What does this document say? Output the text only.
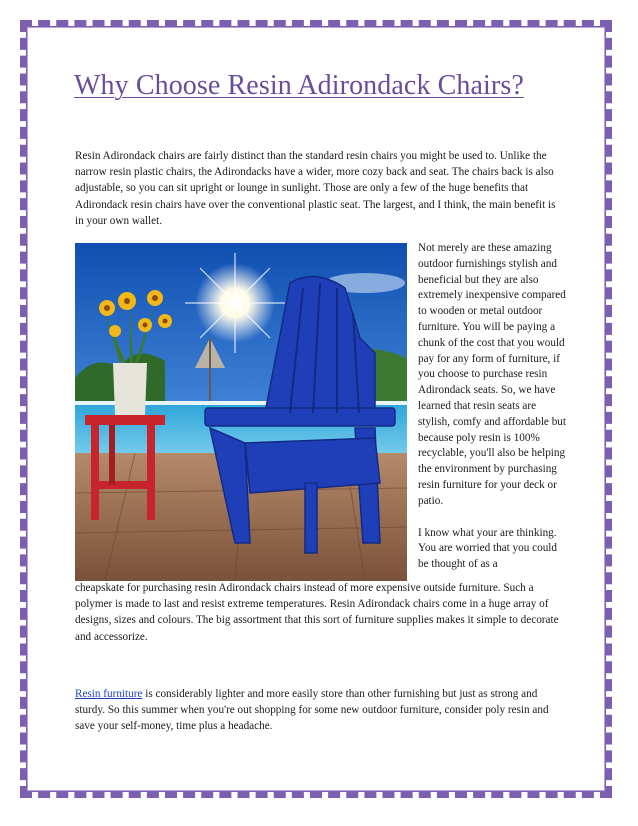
Why Choose Resin Adirondack Chairs?

Resin Adirondack chairs are fairly distinct than the standard resin chairs you might be used to. Unlike the narrow resin plastic chairs, the Adirondacks have a wider, more cozy back and seat. The chairs back is also adjustable, so you can sit upright or lounge in sunlight. Those are only a few of the huge benefits that Adirondack resin chairs have over the conventional plastic seat. The largest, and I think, the main benefit is in your own wallet.

Not merely are these amazing outdoor furnishings stylish and beneficial but they are also extremely inexpensive compared to wooden or metal outdoor furniture. You will be paying a chunk of the cost that you would pay for any form of furniture, if you choose to purchase resin Adirondack seats. So, we have learned that resin seats are stylish, comfy and affordable but because poly resin is 100% recyclable, you'll also be helping the environment by purchasing resin furniture for your deck or patio.

I know what your are thinking. You are worried that you could be thought of as a

cheapskate for purchasing resin Adirondack chairs instead of more expensive outside furniture. Such a polymer is made to last and resist extreme temperatures. Resin Adirondack chairs come in a huge array of designs, sizes and colours. The big assortment that this sort of furniture supplies makes it simple to decorate and accessorize.

Resin furniture is considerably lighter and more easily store than other furnishing but just as strong and sturdy. So this summer when you're out shopping for some new outdoor furniture, consider poly resin and save your self-money, time plus a headache.
